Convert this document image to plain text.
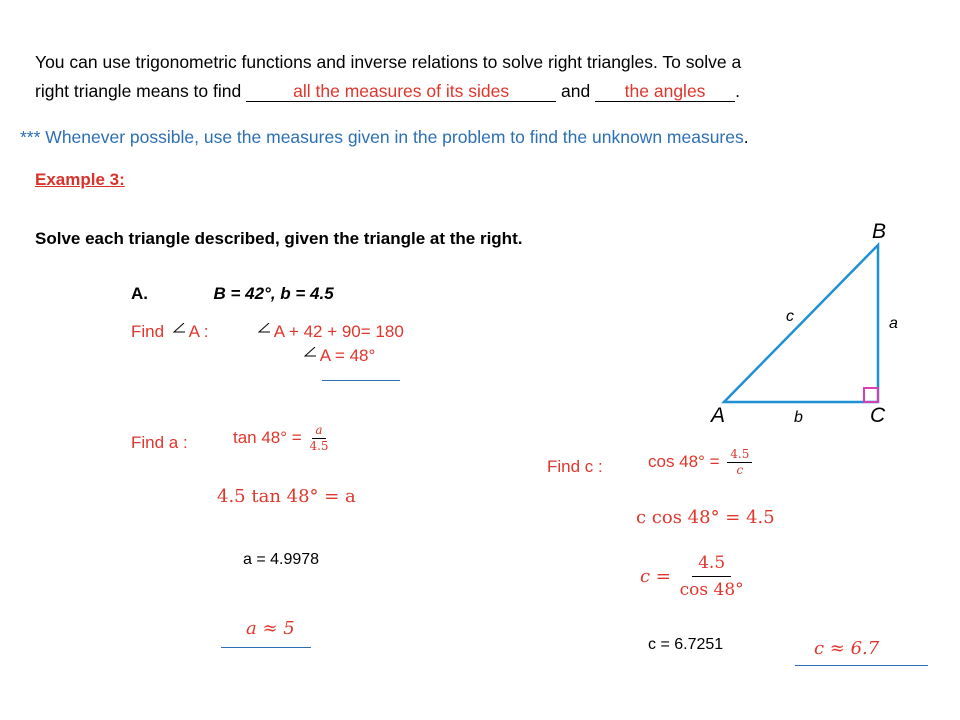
You can use trigonometric functions and inverse relations to solve right triangles. To solve a
right triangle means to find	all the measures of its sides	and the angles .
*** Whenever possible, use the measures given in the problem to find the unknown measures.
Example 3:
Solve each triangle described, given the triangle at the right.
A.	B = 42°, b = 4.5
Find A :	A + 42 + 90= 180
A = 48°
Find a :	$\tan 48^\circ = \frac{a}{4.5}$
4.5 tan 48° = a
a = 4.9978
a ≈ 5
Find c :	$\cos 48^\circ = \frac{4.5}{c}$
c cos 48° = 4.5
$c = \frac{4.5}{\cos 48^\circ}$
c = 6.7251	c ≈ 6.7
B
A	C
c	a
b
